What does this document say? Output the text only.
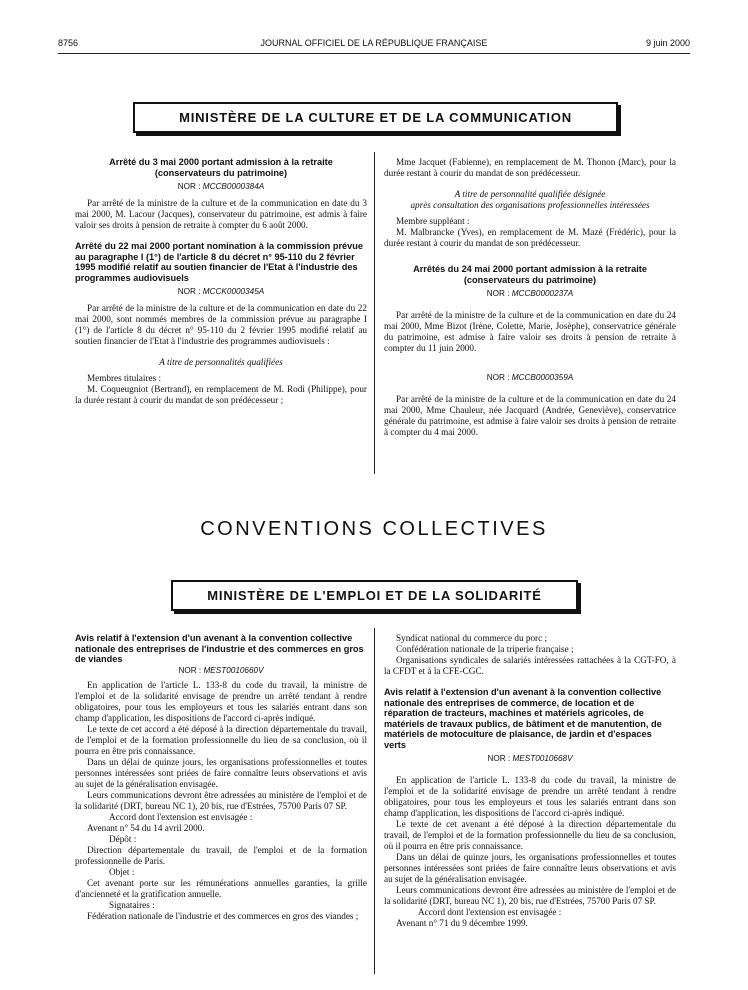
8756	JOURNAL OFFICIEL DE LA RÉPUBLIQUE FRANÇAISE	9 juin 2000
MINISTÈRE DE LA CULTURE ET DE LA COMMUNICATION
Arrêté du 3 mai 2000 portant admission à la retraite (conservateurs du patrimoine)
NOR : MCCB0000384A

Par arrêté de la ministre de la culture et de la communication en date du 3 mai 2000, M. Lacour (Jacques), conservateur du patrimoine, est admis à faire valoir ses droits à pension de retraite à compter du 6 août 2000.

Arrêté du 22 mai 2000 portant nomination à la commission prévue au paragraphe I (1°) de l'article 8 du décret n° 95-110 du 2 février 1995 modifié relatif au soutien financier de l'Etat à l'industrie des programmes audiovisuels
NOR : MCCK0000345A

Par arrêté de la ministre de la culture et de la communication en date du 22 mai 2000, sont nommés membres de la commission prévue au paragraphe I (1°) de l'article 8 du décret n° 95-110 du 2 février 1995 modifié relatif au soutien financier de l'Etat à l'industrie des programmes audiovisuels :

A titre de personnalités qualifiées

Membres titulaires :

M. Coqueugniot (Bertrand), en remplacement de M. Rodi (Philippe), pour la durée restant à courir du mandat de son prédécesseur ;

Mme Jacquet (Fabienne), en remplacement de M. Thonon (Marc), pour la durée restant à courir du mandat de son prédécesseur.

A titre de personnalité qualifiée désignée

après consultation des organisations professionnelles intéressées

Membre suppléant :

M. Malbrancke (Yves), en remplacement de M. Mazé (Frédéric), pour la durée restant à courir du mandat de son prédécesseur.

Arrêtés du 24 mai 2000 portant admission à la retraite (conservateurs du patrimoine)
NOR : MCCB0000237A

Par arrêté de la ministre de la culture et de la communication en date du 24 mai 2000, Mme Bizot (Irène, Colette, Marie, Josèphe), conservatrice générale du patrimoine, est admise à faire valoir ses droits à pension de retraite à compter du 11 juin 2000.

NOR : MCCB0000359A

Par arrêté de la ministre de la culture et de la communication en date du 24 mai 2000, Mme Chauleur, née Jacquard (Andrée, Geneviève), conservatrice générale du patrimoine, est admise à faire valoir ses droits à pension de retraite à compter du 4 mai 2000.

CONVENTIONS COLLECTIVES
MINISTÈRE DE L'EMPLOI ET DE LA SOLIDARITÉ
Avis relatif à l'extension d'un avenant à la convention collective nationale des entreprises de l'industrie et des commerces en gros de viandes
NOR : MEST0010660V

En application de l'article L. 133-8 du code du travail, la ministre de l'emploi et de la solidarité envisage de prendre un arrêté tendant à rendre obligatoires, pour tous les employeurs et tous les salariés entrant dans son champ d'application, les dispositions de l'accord ci-après indiqué.

Le texte de cet accord a été déposé à la direction départementale du travail, de l'emploi et de la formation professionnelle du lieu de sa conclusion, où il pourra en être pris connaissance.

Dans un délai de quinze jours, les organisations professionnelles et toutes personnes intéressées sont priées de faire connaître leurs observations et avis au sujet de la généralisation envisagée.

Leurs communications devront être adressées au ministère de l'emploi et de la solidarité (DRT, bureau NC 1), 20 bis, rue d'Estrées, 75700 Paris 07 SP.

Accord dont l'extension est envisagée :

Avenant n° 54 du 14 avril 2000.

Dépôt :

Direction départementale du travail, de l'emploi et de la formation professionnelle de Paris.

Objet :

Cet avenant porte sur les rémunérations annuelles garanties, la grille d'ancienneté et la gratification annuelle.

Signataires :

Fédération nationale de l'industrie et des commerces en gros des viandes ;

Syndicat national du commerce du porc ;

Confédération nationale de la triperie française ;

Organisations syndicales de salariés intéressées rattachées à la CGT-FO, à la CFDT et à la CFE-CGC.

Avis relatif à l'extension d'un avenant à la convention collective nationale des entreprises de commerce, de location et de réparation de tracteurs, machines et matériels agricoles, de matériels de travaux publics, de bâtiment et de manutention, de matériels de motoculture de plaisance, de jardin et d'espaces verts
NOR : MEST0010668V

En application de l'article L. 133-8 du code du travail, la ministre de l'emploi et de la solidarité envisage de prendre un arrêté tendant à rendre obligatoires, pour tous les employeurs et tous les salariés entrant dans son champ d'application, les dispositions de l'accord ci-après indiqué.

Le texte de cet avenant a été déposé à la direction départementale du travail, de l'emploi et de la formation professionnelle du lieu de sa conclusion, où il pourra en être pris connaissance.

Dans un délai de quinze jours, les organisations professionnelles et toutes personnes intéressées sont priées de faire connaître leurs observations et avis au sujet de la généralisation envisagée.

Leurs communications devront être adressées au ministère de l'emploi et de la solidarité (DRT, bureau NC 1), 20 bis, rue d'Estrées, 75700 Paris 07 SP.

Accord dont l'extension est envisagée :

Avenant n° 71 du 9 décembre 1999.
